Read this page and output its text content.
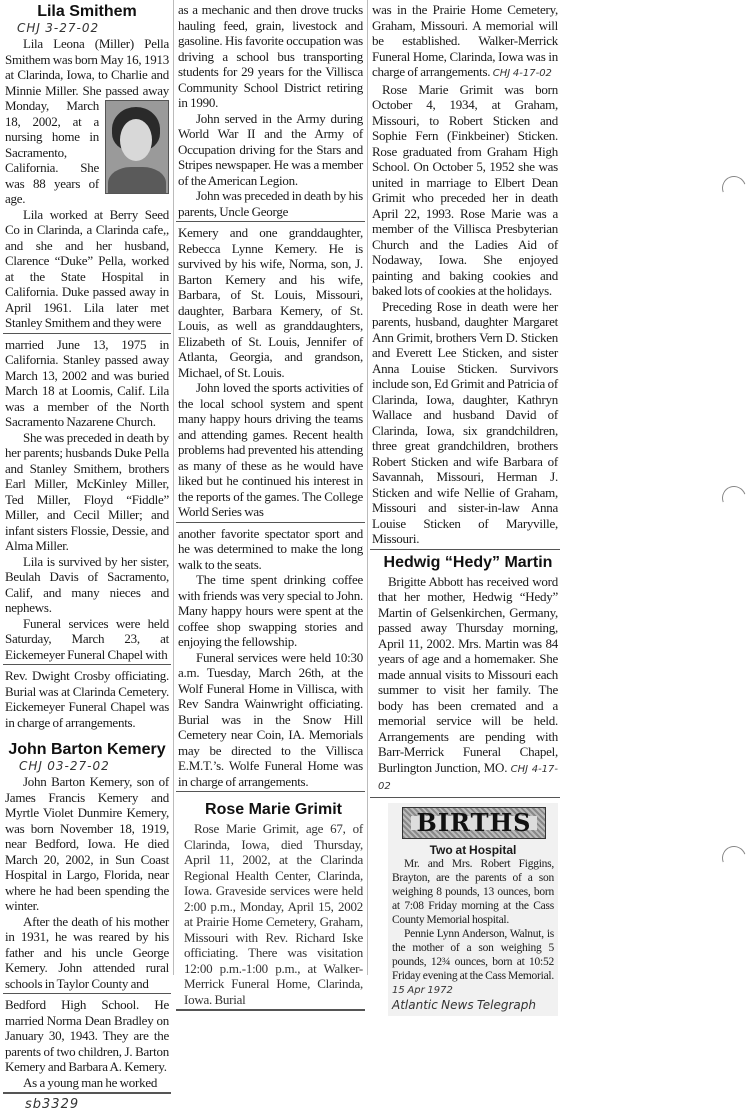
Lila Smithem
CHJ 3-27-02

Lila Leona (Miller) Pella Smithem was born May 16, 1913 at Clarinda, Iowa, to Charlie and Minnie Miller. She passed away Monday, March 18, 2002, at a nursing home in Sacramento, California. She was 88 years of age.

Lila worked at Berry Seed Co in Clarinda, a Clarinda cafe,, and she and her husband, Clarence “Duke” Pella, worked at the State Hospital in California. Duke passed away in April 1961. Lila later met Stanley Smithem and they were

married June 13, 1975 in California. Stanley passed away March 13, 2002 and was buried March 18 at Loomis, Calif. Lila was a member of the North Sacramento Nazarene Church.

She was preceded in death by her parents; husbands Duke Pella and Stanley Smithem, brothers Earl Miller, McKinley Miller, Ted Miller, Floyd “Fiddle” Miller, and Cecil Miller; and infant sisters Flossie, Dessie, and Alma Miller.

Lila is survived by her sister, Beulah Davis of Sacramento, Calif, and many nieces and nephews.

Funeral services were held Saturday, March 23, at Eickemeyer Funeral Chapel with

Rev. Dwight Crosby officiating. Burial was at Clarinda Cemetery. Eickemeyer Funeral Chapel was in charge of arrangements.

John Barton Kemery
CHJ 03-27-02

John Barton Kemery, son of James Francis Kemery and Myrtle Violet Dunmire Kemery, was born November 18, 1919, near Bedford, Iowa. He died March 20, 2002, in Sun Coast Hospital in Largo, Florida, near where he had been spending the winter.

After the death of his mother in 1931, he was reared by his father and his uncle George Kemery. John attended rural schools in Taylor County and

Bedford High School. He married Norma Dean Bradley on January 30, 1943. They are the parents of two children, J. Barton Kemery and Barbara A. Kemery.

As a young man he worked

sb3329

as a mechanic and then drove trucks hauling feed, grain, livestock and gasoline. His favorite occupation was driving a school bus transporting students for 29 years for the Villisca Community School District retiring in 1990.

John served in the Army during World War II and the Army of Occupation driving for the Stars and Stripes newspaper. He was a member of the American Legion.

John was preceded in death by his parents, Uncle George

Kemery and one granddaughter, Rebecca Lynne Kemery. He is survived by his wife, Norma, son, J. Barton Kemery and his wife, Barbara, of St. Louis, Missouri, daughter, Barbara Kemery, of St. Louis, as well as granddaughters, Elizabeth of St. Louis, Jennifer of Atlanta, Georgia, and grandson, Michael, of St. Louis.

John loved the sports activities of the local school system and spent many happy hours driving the teams and attending games. Recent health problems had prevented his attending as many of these as he would have liked but he continued his interest in the reports of the games. The College World Series was

another favorite spectator sport and he was determined to make the long walk to the seats.

The time spent drinking coffee with friends was very special to John. Many happy hours were spent at the coffee shop swapping stories and enjoying the fellowship.

Funeral services were held 10:30 a.m. Tuesday, March 26th, at the Wolf Funeral Home in Villisca, with Rev Sandra Wainwright officiating. Burial was in the Snow Hill Cemetery near Coin, IA. Memorials may be directed to the Villisca E.M.T.’s. Wolfe Funeral Home was in charge of arrangements.

Rose Marie Grimit

Rose Marie Grimit, age 67, of Clarinda, Iowa, died Thursday, April 11, 2002, at the Clarinda Regional Health Center, Clarinda, Iowa. Graveside services were held 2:00 p.m., Monday, April 15, 2002 at Prairie Home Cemetery, Graham, Missouri with Rev. Richard Iske officiating. There was visitation 12:00 p.m.-1:00 p.m., at Walker-Merrick Funeral Home, Clarinda, Iowa. Burial

was in the Prairie Home Cemetery, Graham, Missouri. A memorial will be established. Walker-Merrick Funeral Home, Clarinda, Iowa was in charge of arrangements. CHJ 4-17-02

Rose Marie Grimit was born October 4, 1934, at Graham, Missouri, to Robert Sticken and Sophie Fern (Finkbeiner) Sticken. Rose graduated from Graham High School. On October 5, 1952 she was united in marriage to Elbert Dean Grimit who preceded her in death April 22, 1993. Rose Marie was a member of the Villisca Presbyterian Church and the Ladies Aid of Nodaway, Iowa. She enjoyed painting and baking cookies and baked lots of cookies at the holidays.

Preceding Rose in death were her parents, husband, daughter Margaret Ann Grimit, brothers Vern D. Sticken and Everett Lee Sticken, and sister Anna Louise Sticken. Survivors include son, Ed Grimit and Patricia of Clarinda, Iowa, daughter, Kathryn Wallace and husband David of Clarinda, Iowa, six grandchildren, three great grandchildren, brothers Robert Sticken and wife Barbara of Savannah, Missouri, Herman J. Sticken and wife Nellie of Graham, Missouri and sister-in-law Anna Louise Sticken of Maryville, Missouri.

Hedwig “Hedy” Martin

Brigitte Abbott has received word that her mother, Hedwig “Hedy” Martin of Gelsenkirchen, Germany, passed away Thursday morning, April 11, 2002. Mrs. Martin was 84 years of age and a homemaker. She made annual visits to Missouri each summer to visit her family. The body has been cremated and a memorial service will be held. Arrangements are pending with Barr-Merrick Funeral Chapel, Burlington Junction, MO. CHJ 4-17-02

BIRTHS
Two at Hospital

Mr. and Mrs. Robert Figgins, Brayton, are the parents of a son weighing 8 pounds, 13 ounces, born at 7:08 Friday morning at the Cass County Memorial hospital.

Pennie Lynn Anderson, Walnut, is the mother of a son weighing 5 pounds, 12¾ ounces, born at 10:52 Friday evening at the Cass Memorial. 15 Apr 1972

Atlantic News Telegraph
